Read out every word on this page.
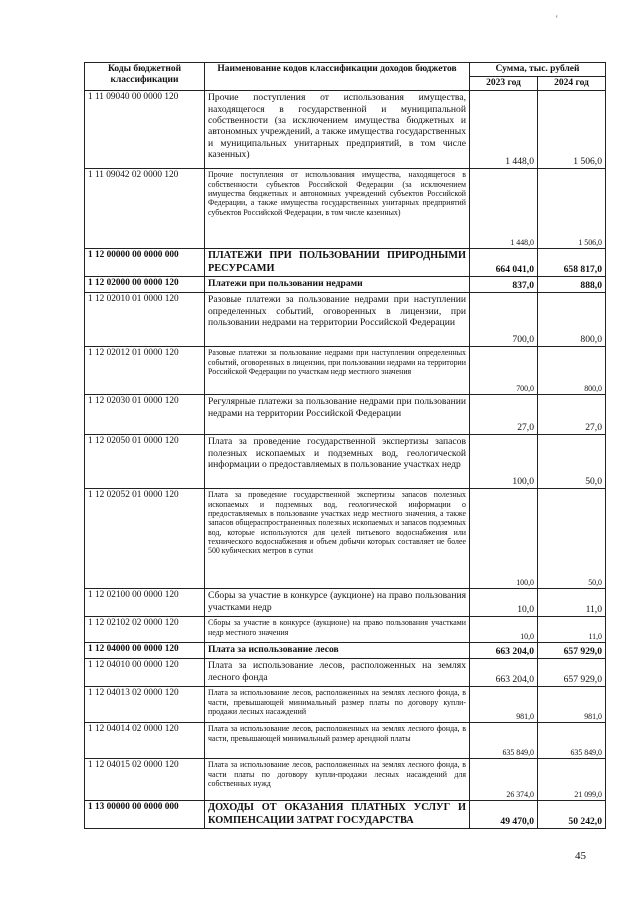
'
Коды бюджетной классификации	Наименование кодов классификации доходов бюджетов	Сумма, тыс. рублей	
		2023 год	2024 год
1 11 09040 00 0000 120	Прочие поступления от использования имущества, находящегося в государственной и муниципальной собственности (за исключением имущества бюджетных и автономных учреждений, а также имущества государственных и муниципальных унитарных предприятий, в том числе казенных)	1 448,0	1 506,0
1 11 09042 02 0000 120	Прочие поступления от использования имущества, находящегося в собственности субъектов Российской Федерации (за исключением имущества бюджетных и автономных учреждений субъектов Российской Федерации, а также имущества государственных унитарных предприятий субъектов Российской Федерации, в том числе казенных)	1 448,0	1 506,0
1 12 00000 00 0000 000	ПЛАТЕЖИ ПРИ ПОЛЬЗОВАНИИ ПРИРОДНЫМИ РЕСУРСАМИ	664 041,0	658 817,0
1 12 02000 00 0000 120	Платежи при пользовании недрами	837,0	888,0
1 12 02010 01 0000 120	Разовые платежи за пользование недрами при наступлении определенных событий, оговоренных в лицензии, при пользовании недрами на территории Российской Федерации	700,0	800,0
1 12 02012 01 0000 120	Разовые платежи за пользование недрами при наступлении определенных событий, оговоренных в лицензии, при пользовании недрами на территории Российской Федерации по участкам недр местного значения	700,0	800,0
1 12 02030 01 0000 120	Регулярные платежи за пользование недрами при пользовании недрами на территории Российской Федерации	27,0	27,0
1 12 02050 01 0000 120	Плата за проведение государственной экспертизы запасов полезных ископаемых и подземных вод, геологической информации о предоставляемых в пользование участках недр	100,0	50,0
1 12 02052 01 0000 120	Плата за проведение государственной экспертизы запасов полезных ископаемых и подземных вод, геологической информации о предоставляемых в пользование участках недр местного значения, а также запасов общераспространенных полезных ископаемых и запасов подземных вод, которые используются для целей питьевого водоснабжения или технического водоснабжения и объем добычи которых составляет не более 500 кубических метров в сутки	100,0	50,0
1 12 02100 00 0000 120	Сборы за участие в конкурсе (аукционе) на право пользования участками недр	10,0	11,0
1 12 02102 02 0000 120	Сборы за участие в конкурсе (аукционе) на право пользования участками недр местного значения	10,0	11,0
1 12 04000 00 0000 120	Плата за использование лесов	663 204,0	657 929,0
1 12 04010 00 0000 120	Плата за использование лесов, расположенных на землях лесного фонда	663 204,0	657 929,0
1 12 04013 02 0000 120	Плата за использование лесов, расположенных на землях лесного фонда, в части, превышающей минимальный размер платы по договору купли-продажи лесных насаждений	981,0	981,0
1 12 04014 02 0000 120	Плата за использование лесов, расположенных на землях лесного фонда, в части, превышающей минимальный размер арендной платы	635 849,0	635 849,0
1 12 04015 02 0000 120	Плата за использование лесов, расположенных на землях лесного фонда, в части платы по договору купли-продажи лесных насаждений для собственных нужд	26 374,0	21 099,0
1 13 00000 00 0000 000	ДОХОДЫ ОТ ОКАЗАНИЯ ПЛАТНЫХ УСЛУГ И КОМПЕНСАЦИИ ЗАТРАТ ГОСУДАРСТВА	49 470,0	50 242,0
45
